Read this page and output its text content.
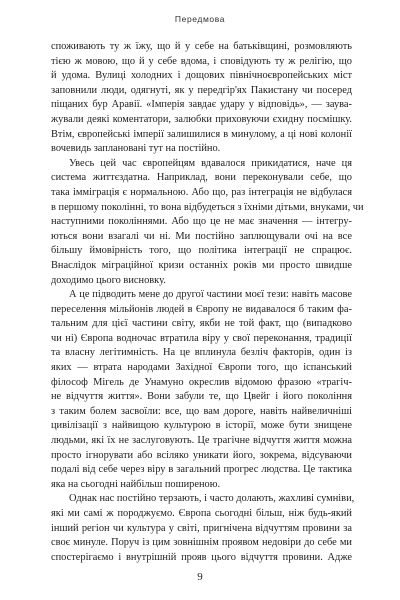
Передмова
споживають ту ж їжу, що й у себе на батьківщині, розмовляють
тією ж мовою, що й у себе вдома, і сповідують ту ж релігію, що
й удома. Вулиці холодних і дощових північноєвропейських міст
заповнили люди, одягнуті, як у передгір'ях Пакистану чи посеред
піщаних бур Аравії. «Імперія завдає удару у відповідь», — заува-
жували деякі коментатори, залюбки приховуючи єхидну посмішку.
Втім, європейські імперії залишилися в минулому, а ці нові колонії
вочевидь заплановані тут на постійно.
Увесь цей час європейцям вдавалося прикидатися, наче ця
система життєздатна. Наприклад, вони переконували себе, що
така імміграція є нормальною. Або що, раз інтеграція не відбулася
в першому поколінні, то вона відбудеться з їхніми дітьми, внуками, чи
наступними поколіннями. Або що це не має значення — інтегру-
ються вони взагалі чи ні. Ми постійно заплющували очі на все
більшу ймовірність того, що політика інтеграції не спрацює.
Внаслідок міграційної кризи останніх років ми просто швидше
доходимо цього висновку.
А це підводить мене до другої частини моєї тези: навіть масове
переселення мільйонів людей в Європу не видавалося б таким фа-
тальним для цієї частини світу, якби не той факт, що (випадково
чи ні) Європа водночас втратила віру у свої переконання, традиції
та власну легітимність. На це вплинула безліч факторів, один із
яких — втрата народами Західної Європи того, що іспанський
філософ Мігель де Унамуно окреслив відомою фразою «трагіч-
не відчуття життя». Вони забули те, що Цвейг і його покоління
з таким болем засвоїли: все, що вам дороге, навіть найвеличніші
цивілізації з найвищою культурою в історії, може бути знищене
людьми, які їх не заслуговують. Це трагічне відчуття життя можна
просто ігнорувати або всіляко уникати його, зокрема, відсуваючи
подалі від себе через віру в загальний прогрес людства. Це тактика
яка на сьогодні найбільш поширеною.
Однак нас постійно терзають, і часто долають, жахливі сумніви,
які ми самі ж породжуємо. Європа сьогодні більш, ніж будь-який
інший регіон чи культура у світі, пригнічена відчуттям провини за
своє минуле. Поруч із цим зовнішнім проявом недовіри до себе ми
спостерігаємо і внутрішній прояв цього відчуття провини. Адже
9
